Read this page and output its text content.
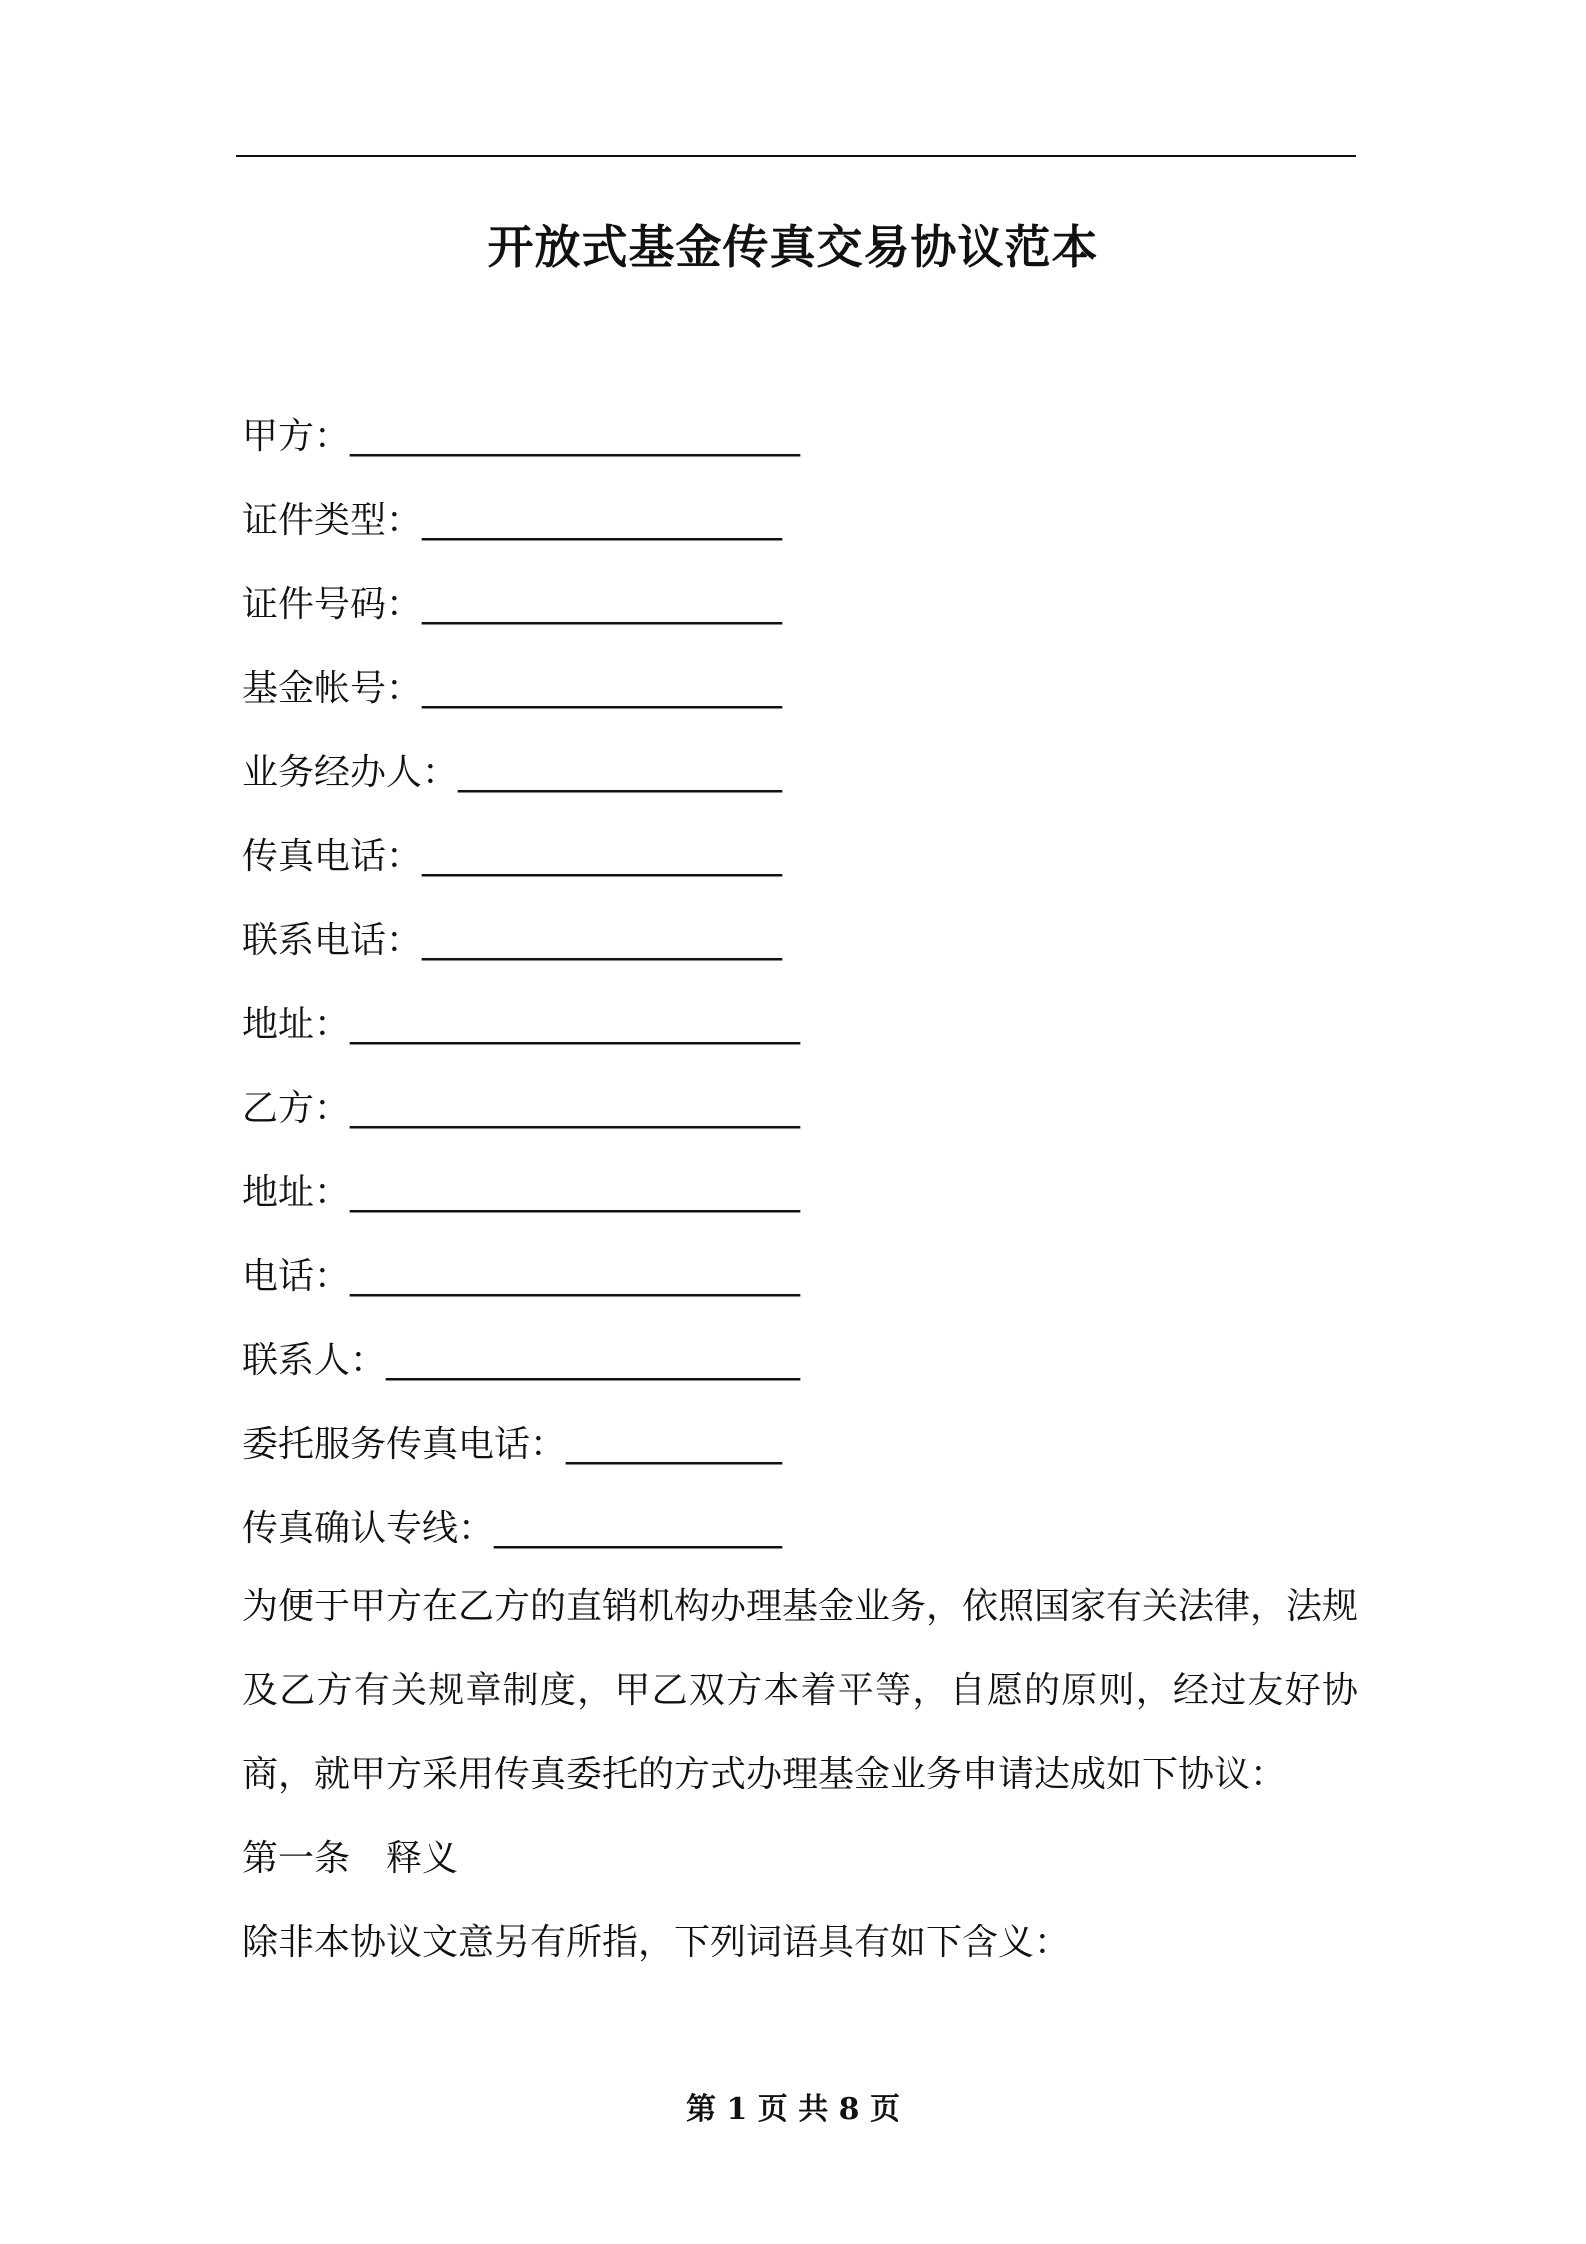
开放式基金传真交易协议范本
甲方：_________________________
证件类型：____________________
证件号码：____________________
基金帐号：____________________
业务经办人：__________________
传真电话：____________________
联系电话：____________________
地址：_________________________
乙方：_________________________
地址：_________________________
电话：_________________________
联系人：_______________________
委托服务传真电话：____________
传真确认专线：________________

为便于甲方在乙方的直销机构办理基金业务，依照国家有关法律，法规及乙方有关规章制度，甲乙双方本着平等，自愿的原则，经过友好协商，就甲方采用传真委托的方式办理基金业务申请达成如下协议：

第一条　释义

除非本协议文意另有所指，下列词语具有如下含义：

第 1 页 共 8 页
